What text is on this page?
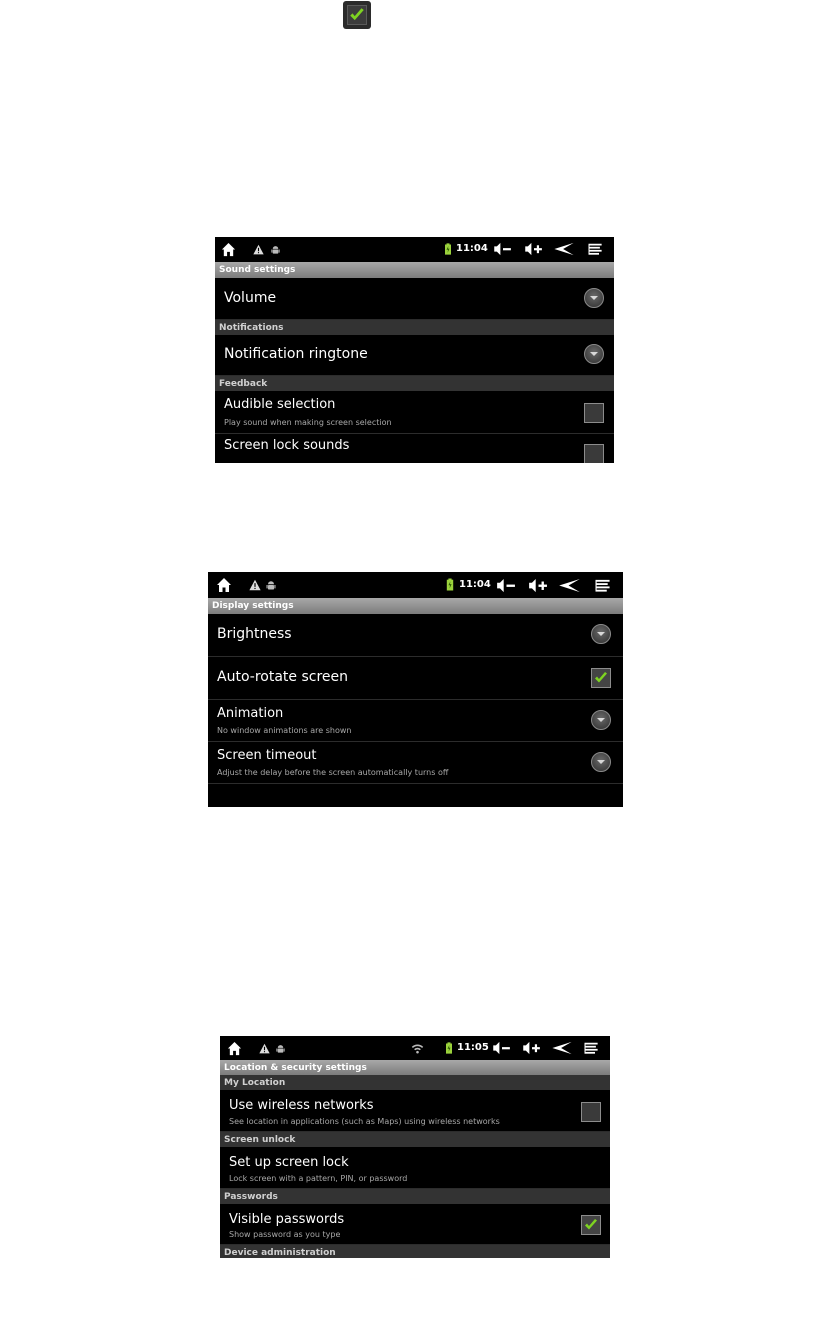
11:04
Sound settings
Volume
Notifications
Notification ringtone
Feedback
Audible selection
Play sound when making screen selection
Screen lock sounds
11:04
Display settings
Brightness
Auto-rotate screen
Animation
No window animations are shown
Screen timeout
Adjust the delay before the screen automatically turns off
11:05
Location & security settings
My Location
Use wireless networks
See location in applications (such as Maps) using wireless networks
Screen unlock
Set up screen lock
Lock screen with a pattern, PIN, or password
Passwords
Visible passwords
Show password as you type
Device administration
